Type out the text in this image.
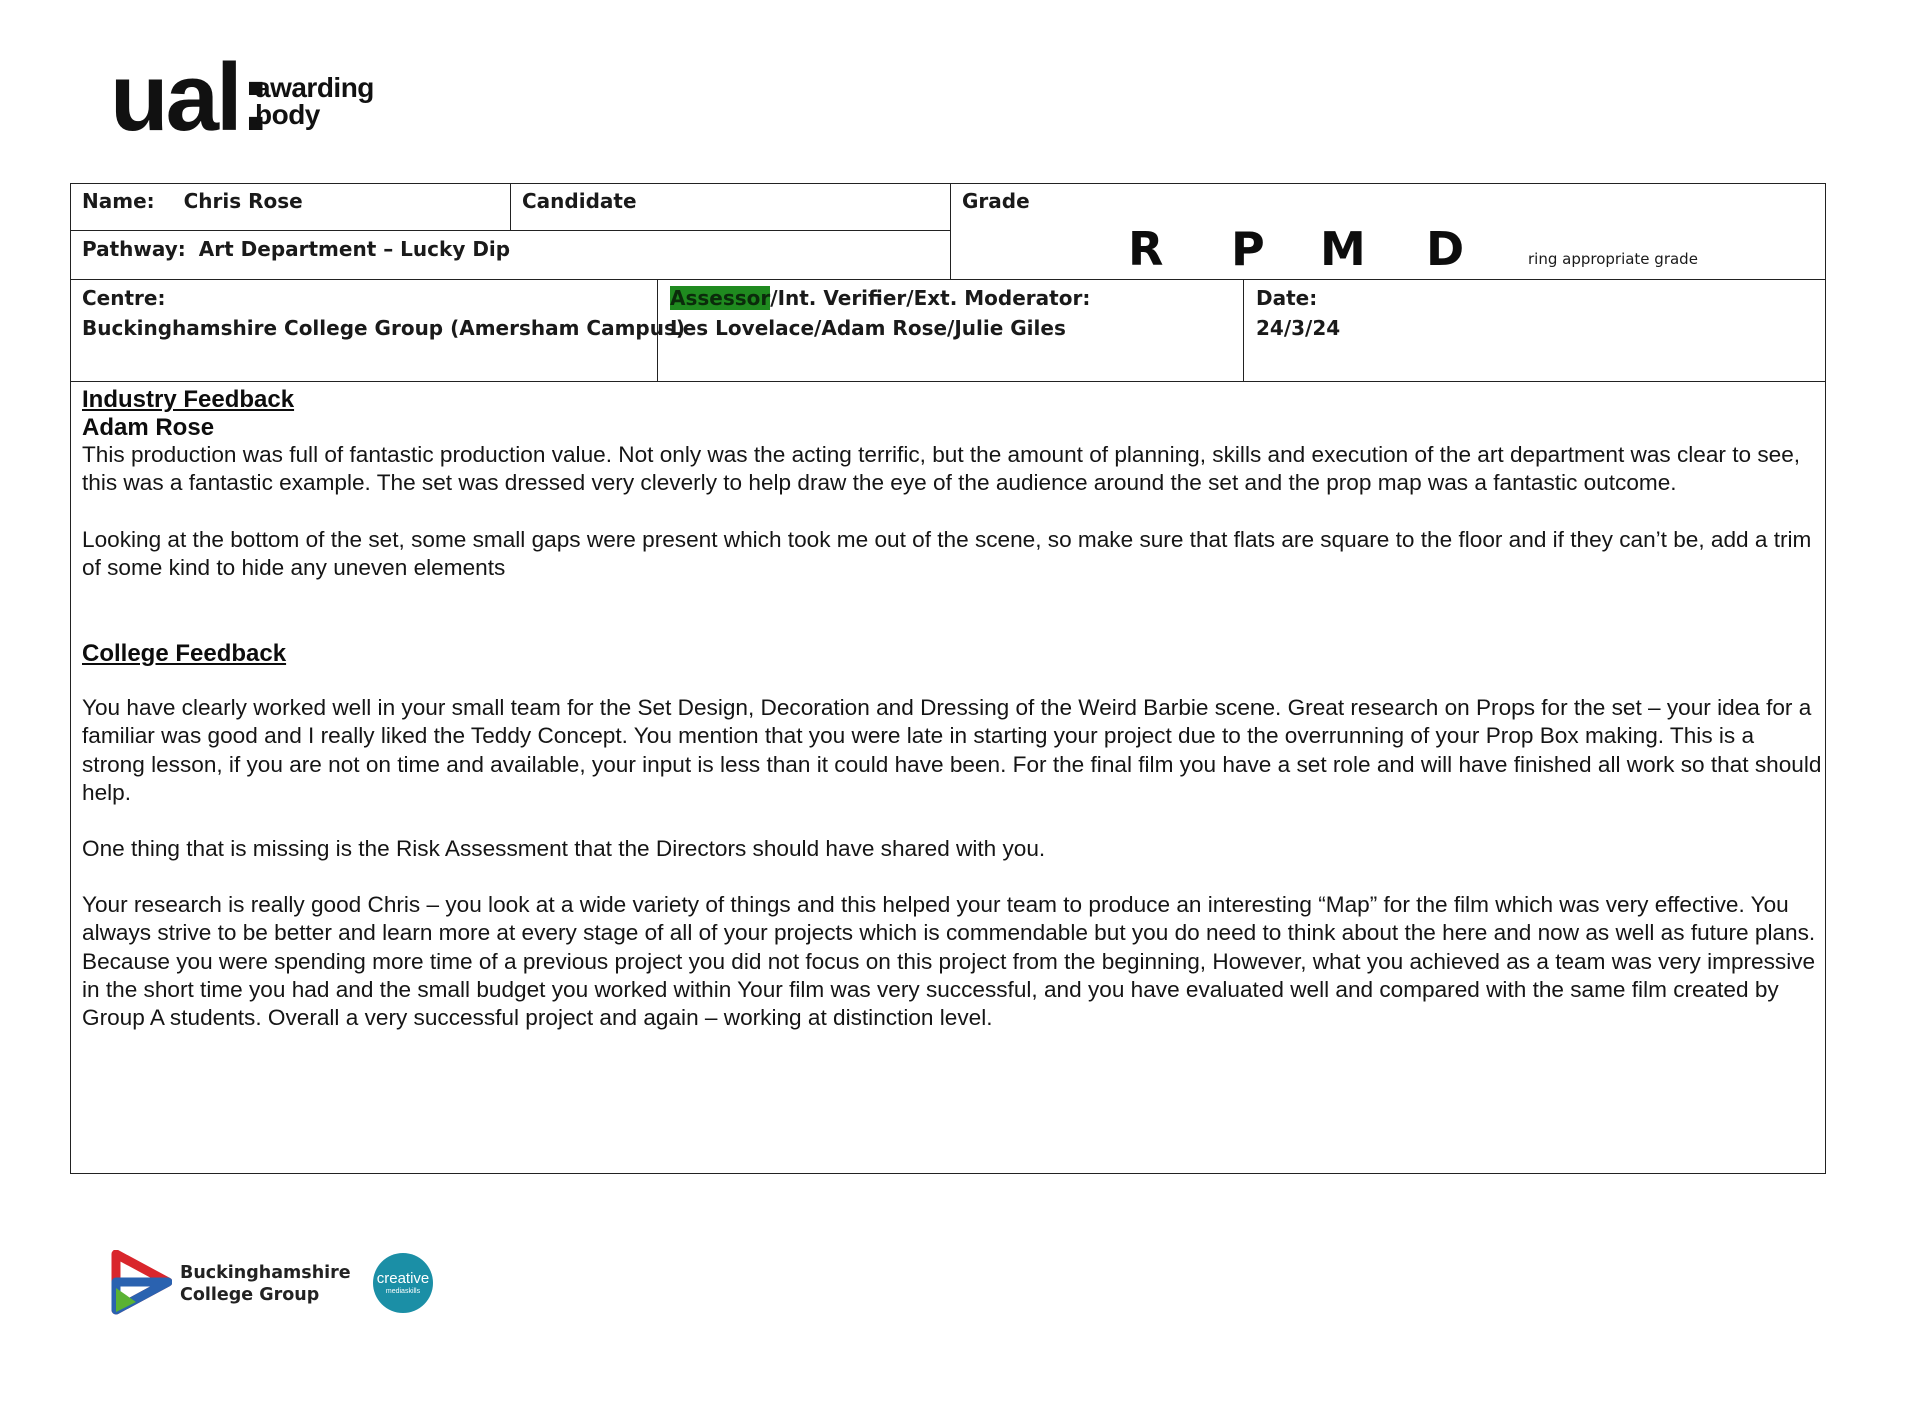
ual:
awarding
body
Name: Chris Rose	Candidate	Grade
Pathway: Art Department – Lucky Dip	R P M D	ring appropriate grade
Centre:
Buckinghamshire College Group (Amersham Campus)
Assessor/Int. Verifier/Ext. Moderator:
Les Lovelace/Adam Rose/Julie Giles
Date:
24/3/24
Industry Feedback
Adam Rose
This production was full of fantastic production value. Not only was the acting terrific, but the amount of planning, skills and execution of the art department was clear to see, this was a fantastic example. The set was dressed very cleverly to help draw the eye of the audience around the set and the prop map was a fantastic outcome.
Looking at the bottom of the set, some small gaps were present which took me out of the scene, so make sure that flats are square to the floor and if they can’t be, add a trim of some kind to hide any uneven elements
College Feedback
You have clearly worked well in your small team for the Set Design, Decoration and Dressing of the Weird Barbie scene. Great research on Props for the set – your idea for a familiar was good and I really liked the Teddy Concept. You mention that you were late in starting your project due to the overrunning of your Prop Box making. This is a strong lesson, if you are not on time and available, your input is less than it could have been. For the final film you have a set role and will have finished all work so that should help.
One thing that is missing is the Risk Assessment that the Directors should have shared with you.
Your research is really good Chris – you look at a wide variety of things and this helped your team to produce an interesting “Map” for the film which was very effective. You always strive to be better and learn more at every stage of all of your projects which is commendable but you do need to think about the here and now as well as future plans. Because you were spending more time of a previous project you did not focus on this project from the beginning, However, what you achieved as a team was very impressive in the short time you had and the small budget you worked within Your film was very successful, and you have evaluated well and compared with the same film created by Group A students. Overall a very successful project and again – working at distinction level.
Buckinghamshire
College Group
creative
mediaskills
